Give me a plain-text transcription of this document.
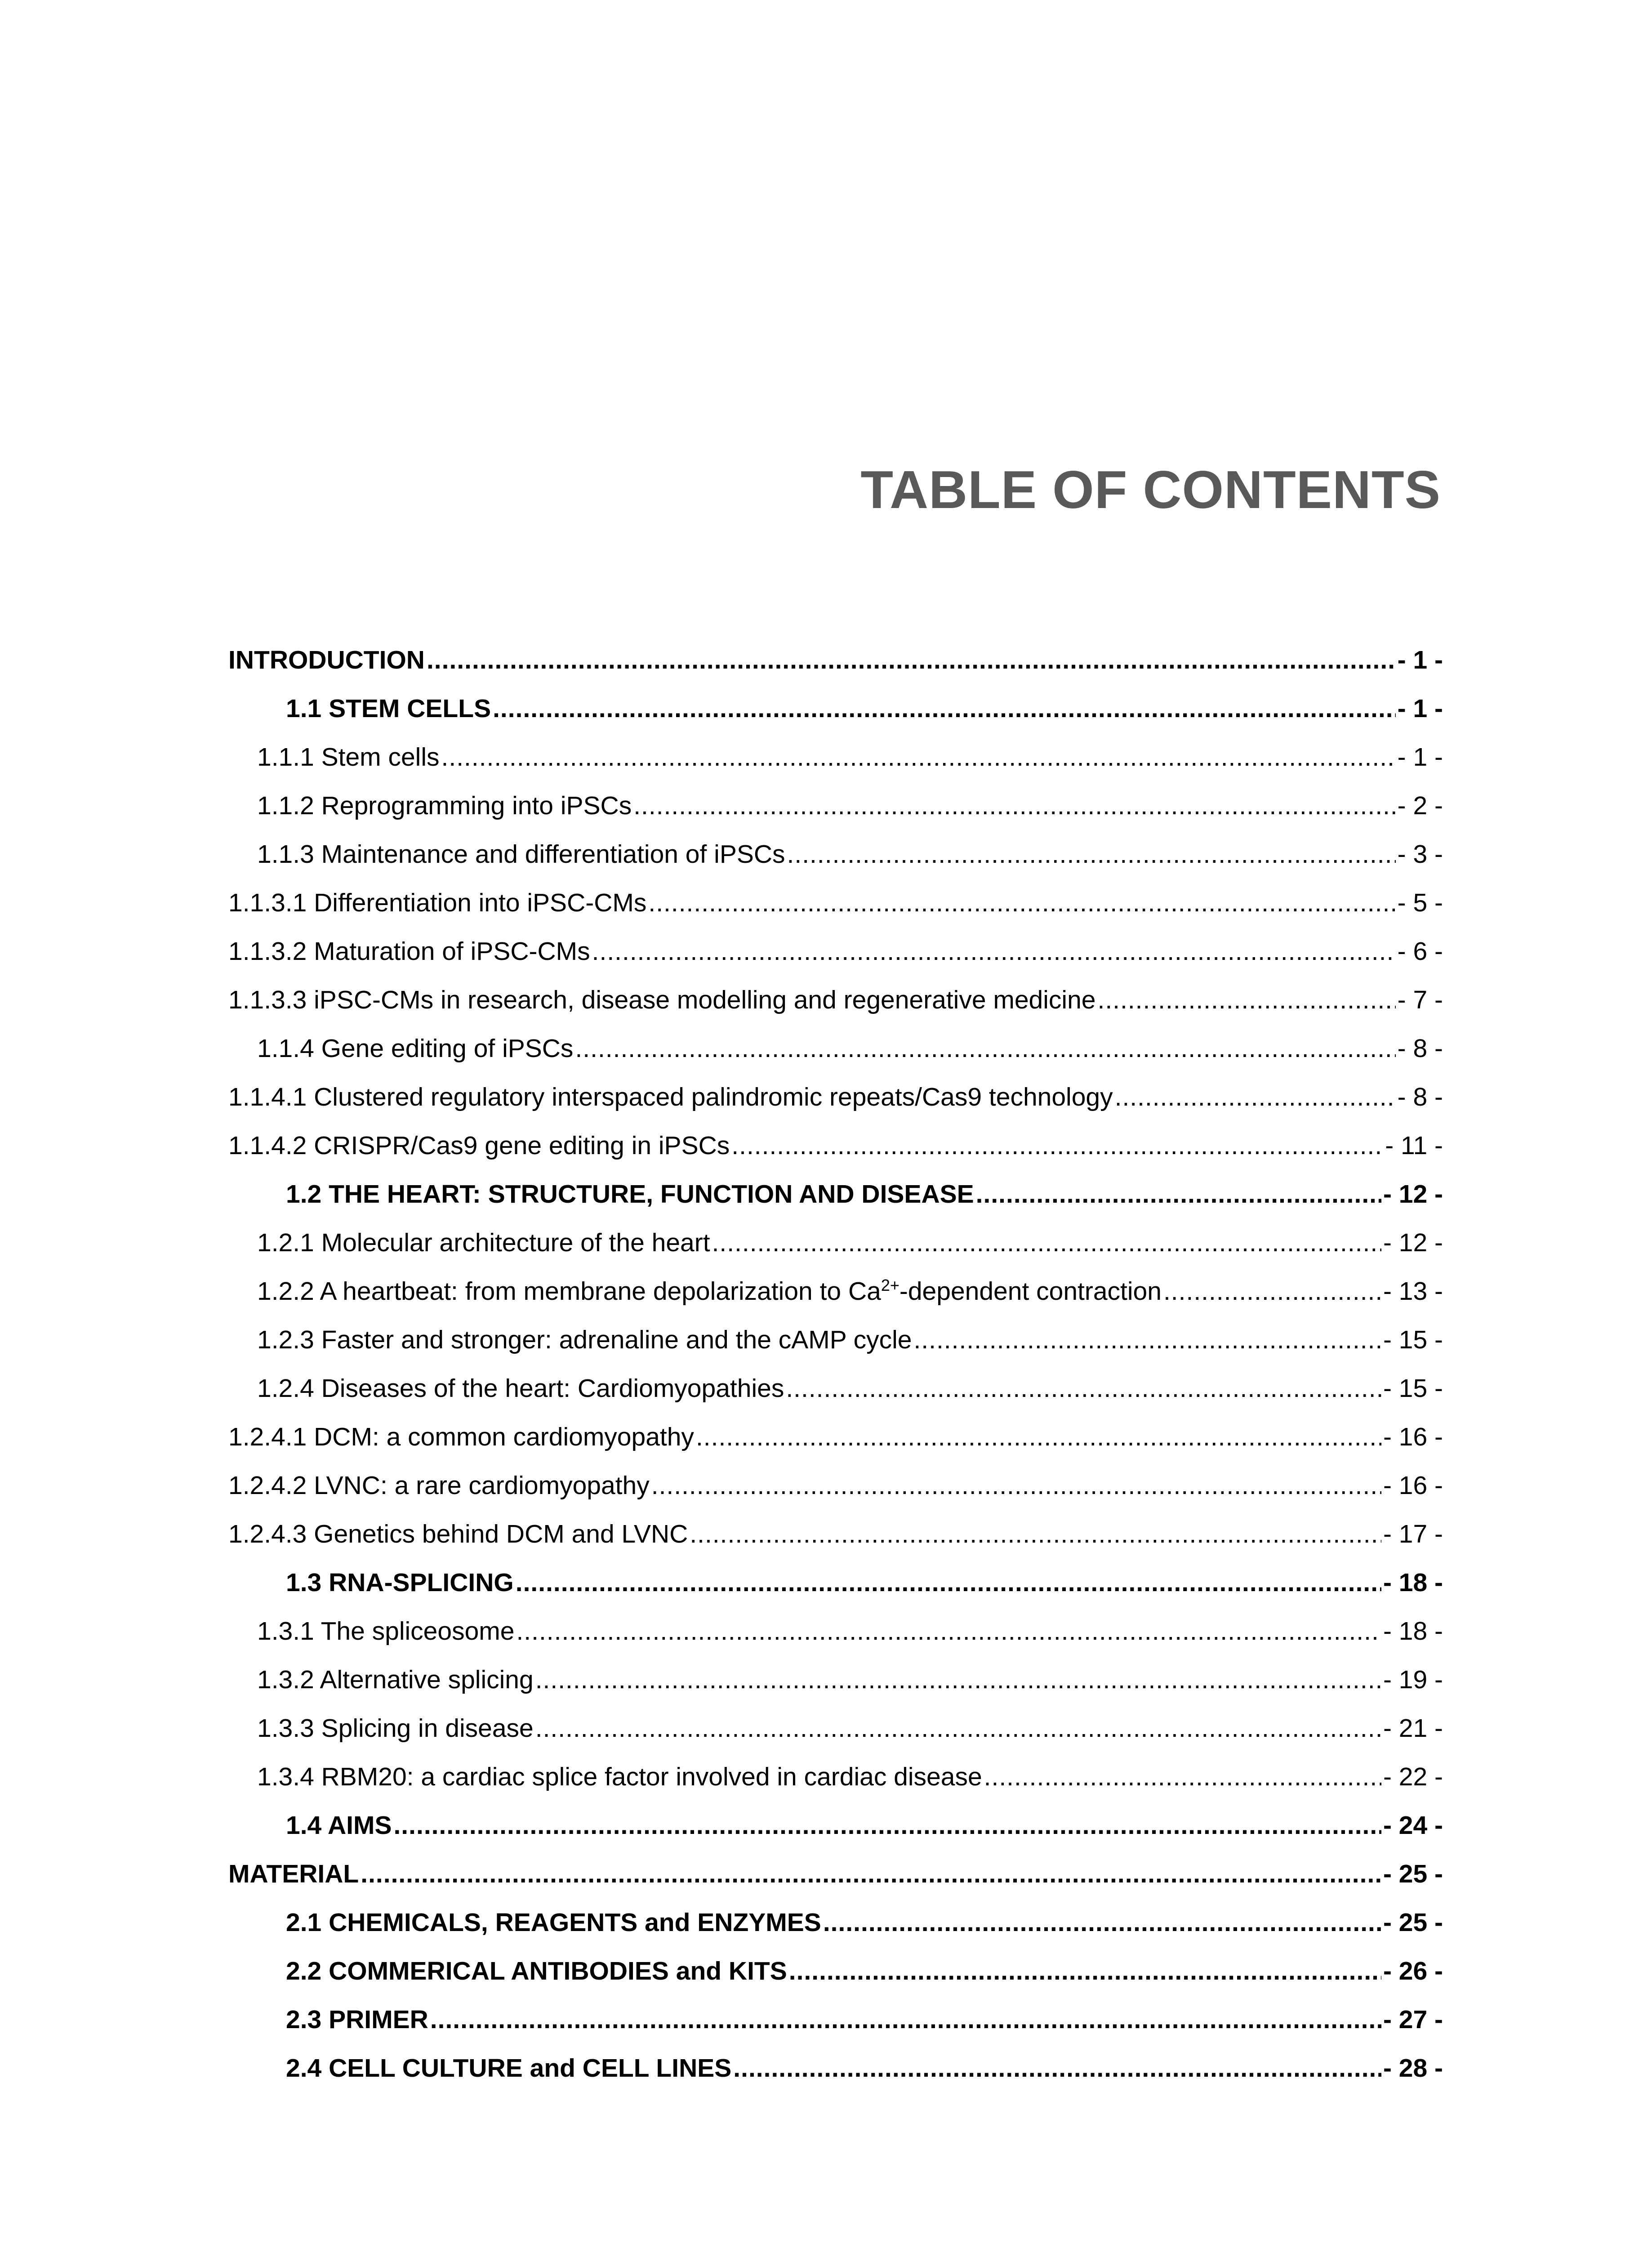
TABLE OF CONTENTS
INTRODUCTION .....	- 1 -
1.1 STEM CELLS .....	- 1 -
1.1.1 Stem cells .....	- 1 -
1.1.2 Reprogramming into iPSCs .....	- 2 -
1.1.3 Maintenance and differentiation of iPSCs .....	- 3 -
1.1.3.1 Differentiation into iPSC-CMs .....	- 5 -
1.1.3.2 Maturation of iPSC-CMs .....	- 6 -
1.1.3.3 iPSC-CMs in research, disease modelling and regenerative medicine .....	- 7 -
1.1.4 Gene editing of iPSCs .....	- 8 -
1.1.4.1 Clustered regulatory interspaced palindromic repeats/Cas9 technology .....	- 8 -
1.1.4.2 CRISPR/Cas9 gene editing in iPSCs .....	- 11 -
1.2 THE HEART: STRUCTURE, FUNCTION AND DISEASE .....	- 12 -
1.2.1 Molecular architecture of the heart .....	- 12 -
1.2.2 A heartbeat: from membrane depolarization to $Ca^{2+}$-dependent contraction .....	- 13 -
1.2.3 Faster and stronger: adrenaline and the cAMP cycle .....	- 15 -
1.2.4 Diseases of the heart: Cardiomyopathies .....	- 15 -
1.2.4.1 DCM: a common cardiomyopathy .....	- 16 -
1.2.4.2 LVNC: a rare cardiomyopathy .....	- 16 -
1.2.4.3 Genetics behind DCM and LVNC .....	- 17 -
1.3 RNA-SPLICING .....	- 18 -
1.3.1 The spliceosome .....	- 18 -
1.3.2 Alternative splicing .....	- 19 -
1.3.3 Splicing in disease .....	- 21 -
1.3.4 RBM20: a cardiac splice factor involved in cardiac disease .....	- 22 -
1.4 AIMS .....	- 24 -
MATERIAL .....	- 25 -
2.1 CHEMICALS, REAGENTS and ENZYMES .....	- 25 -
2.2 COMMERICAL ANTIBODIES and KITS .....	- 26 -
2.3 PRIMER .....	- 27 -
2.4 CELL CULTURE and CELL LINES .....	- 28 -
